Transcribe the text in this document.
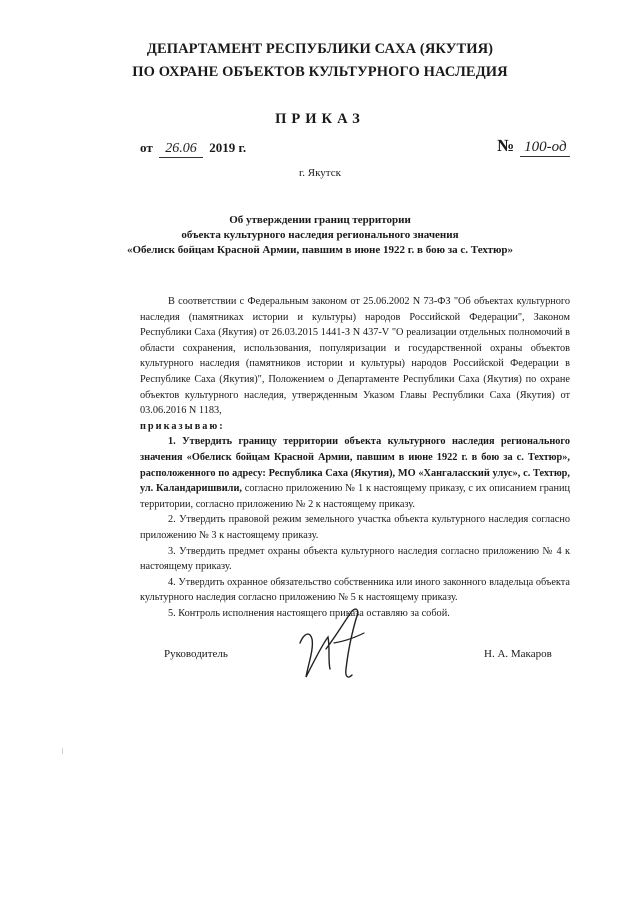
ДЕПАРТАМЕНТ РЕСПУБЛИКИ САХА (ЯКУТИЯ)
ПО ОХРАНЕ ОБЪЕКТОВ КУЛЬТУРНОГО НАСЛЕДИЯ
ПРИКАЗ
от 26.06 2019 г.	№ 100-од
г. Якутск
Об утверждении границ территории
объекта культурного наследия регионального значения
«Обелиск бойцам Красной Армии, павшим в июне 1922 г. в бою за с. Техтюр»

В соответствии с Федеральным законом от 25.06.2002 N 73-ФЗ "Об объектах культурного наследия (памятниках истории и культуры) народов Российской Федерации", Законом Республики Саха (Якутия) от 26.03.2015 1441-З N 437-V "О реализации отдельных полномочий в области сохранения, использования, популяризации и государственной охраны объектов культурного наследия (памятников истории и культуры) народов Российской Федерации в Республике Саха (Якутия)", Положением о Департаменте Республики Саха (Якутия) по охране объектов культурного наследия, утвержденным Указом Главы Республики Саха (Якутия) от 03.06.2016 N 1183,

приказываю:

1. Утвердить границу территории объекта культурного наследия регионального значения «Обелиск бойцам Красной Армии, павшим в июне 1922 г. в бою за с. Техтюр», расположенного по адресу: Республика Саха (Якутия), МО «Хангаласский улус», с. Техтюр, ул. Каландаришвили, согласно приложению № 1 к настоящему приказу, с их описанием границ территории, согласно приложению № 2 к настоящему приказу.

2. Утвердить правовой режим земельного участка объекта культурного наследия согласно приложению № 3 к настоящему приказу.

3. Утвердить предмет охраны объекта культурного наследия согласно приложению № 4 к настоящему приказу.

4. Утвердить охранное обязательство собственника или иного законного владельца объекта культурного наследия согласно приложению № 5 к настоящему приказу.

5. Контроль исполнения настоящего приказа оставляю за собой.

Руководитель	Н. А. Макаров
